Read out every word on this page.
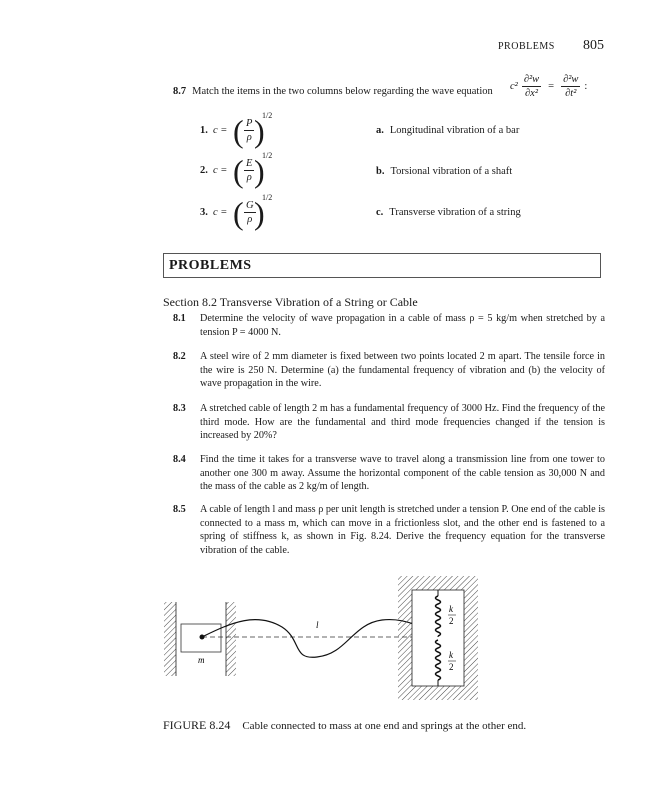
PROBLEMS 805
8.7 Match the items in the two columns below regarding the wave equation $c^2 \frac{\text{∂²w}}{\text{∂x²}} = \frac{\text{∂²w}}{\text{∂t²}}$ :
1. c = ( $\frac{P}{\rho}$ )
1/2
a. Longitudinal vibration of a bar
2. c = ( $\frac{E}{\rho}$ )
1/2
b. Torsional vibration of a shaft
3. c = ( $\frac{G}{\rho}$
)
1/2
c. Transverse vibration of a string
PROBLEMS
Section 8.2 Transverse Vibration of a String or Cable
8.1 Determine the velocity of wave propagation in a cable of mass ρ = 5 kg/m when stretched by a tension P = 4000 N.
8.2 A steel wire of 2 mm diameter is fixed between two points located 2 m apart. The tensile force in the wire is 250 N. Determine (a) the fundamental frequency of vibration and (b) the velocity of wave propagation in the wire.
8.3 A stretched cable of length 2 m has a fundamental frequency of 3000 Hz. Find the frequency of the third mode. How are the fundamental and third mode frequencies changed if the tension is increased by 20%?
8.4 Find the time it takes for a transverse wave to travel along a transmission line from one tower to another one 300 m away. Assume the horizontal component of the cable tension as 30,000 N and the mass of the cable as 2 kg/m of length.
8.5 A cable of length l and mass ρ per unit length is stretched under a tension P. One end of the cable is connected to a mass m, which can move in a frictionless slot, and the other end is fastened to a spring of stiffness k, as shown in Fig. 8.24. Derive the frequency equation for the transverse vibration of the cable.
m
l
k
2
k
2
FIGURE 8.24 Cable connected to mass at one end and springs at the other end.
